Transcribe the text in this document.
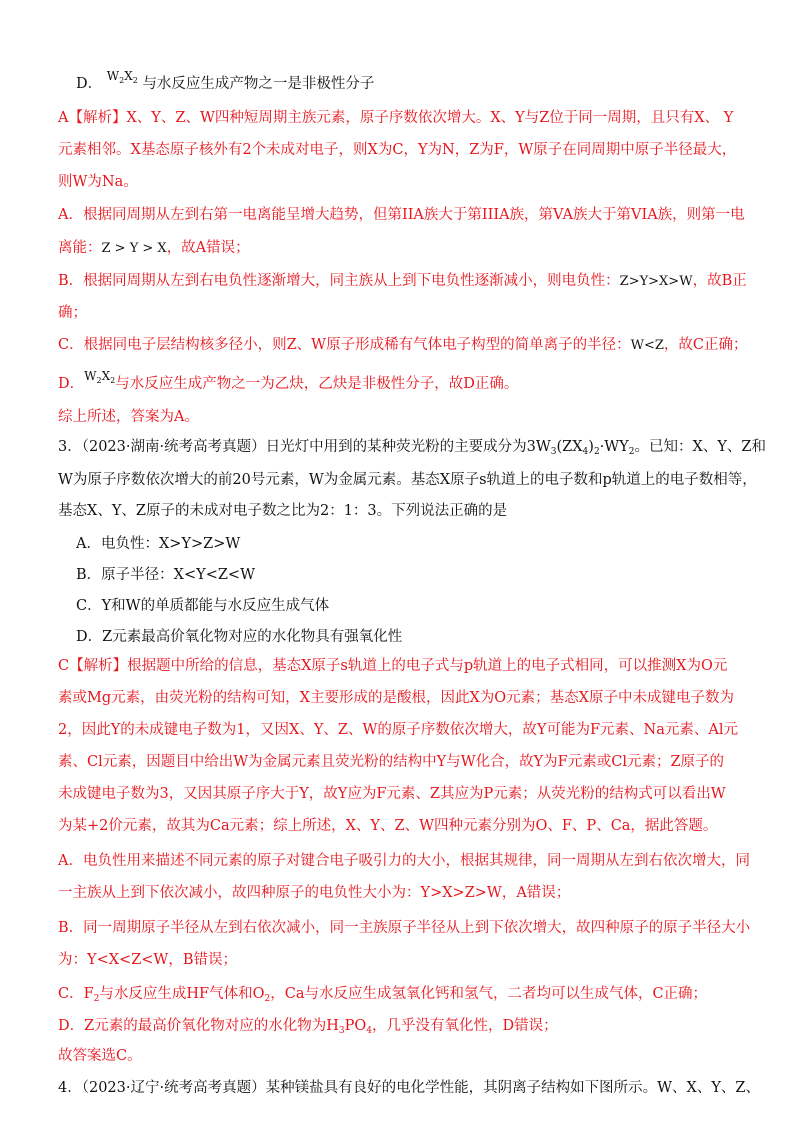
D． $W_2X_2$ 与水反应生成产物之一是非极性分子
A【解析】X、Y、Z、W四种短周期主族元素，原子序数依次增大。X、Y与Z位于同一周期，且只有X、 Y
元素相邻。X基态原子核外有2个未成对电子，则X为C，Y为N，Z为F，W原子在同周期中原子半径最大，
则W为Na。
A．根据同周期从左到右第一电离能呈增大趋势，但第IIA族大于第IIIA族，第VA族大于第VIA族，则第一电
离能：Z > Y > X，故A错误；
B．根据同周期从左到右电负性逐渐增大，同主族从上到下电负性逐渐减小，则电负性：Z>Y>X>W，故B正
确；
C．根据同电子层结构核多径小，则Z、W原子形成稀有气体电子构型的简单离子的半径：W<Z，故C正确；
D．$W_2X_2$与水反应生成产物之一为乙炔，乙炔是非极性分子，故D正确。
综上所述，答案为A。
3．（2023·湖南·统考高考真题）日光灯中用到的某种荧光粉的主要成分为$3W_3(ZX_4)_2\cdot WY_2$。已知：X、Y、Z和
W为原子序数依次增大的前20号元素，W为金属元素。基态X原子s轨道上的电子数和p轨道上的电子数相等，
基态X、Y、Z原子的未成对电子数之比为2：1：3。下列说法正确的是
A．电负性：X>Y>Z>W
B．原子半径：X<Y<Z<W
C．Y和W的单质都能与水反应生成气体
D．Z元素最高价氧化物对应的水化物具有强氧化性
C【解析】根据题中所给的信息，基态X原子s轨道上的电子式与p轨道上的电子式相同，可以推测X为O元
素或Mg元素，由荧光粉的结构可知，X主要形成的是酸根，因此X为O元素；基态X原子中未成键电子数为
2，因此Y的未成键电子数为1，又因X、Y、Z、W的原子序数依次增大，故Y可能为F元素、Na元素、Al元
素、Cl元素，因题目中给出W为金属元素且荧光粉的结构中Y与W化合，故Y为F元素或Cl元素；Z原子的
未成键电子数为3，又因其原子序大于Y，故Y应为F元素、Z其应为P元素；从荧光粉的结构式可以看出W
为某+2价元素，故其为Ca元素；综上所述，X、Y、Z、W四种元素分别为O、F、P、Ca，据此答题。
A．电负性用来描述不同元素的原子对键合电子吸引力的大小，根据其规律，同一周期从左到右依次增大，同
一主族从上到下依次减小，故四种原子的电负性大小为：Y>X>Z>W，A错误；
B．同一周期原子半径从左到右依次减小，同一主族原子半径从上到下依次增大，故四种原子的原子半径大小
为：Y<X<Z<W，B错误；
C．$F_2$与水反应生成HF气体和$O_2$，Ca与水反应生成氢氧化钙和氢气，二者均可以生成气体，C正确；
D．Z元素的最高价氧化物对应的水化物为$H_3PO_4$，几乎没有氧化性，D错误；
故答案选C。
4．（2023·辽宁·统考高考真题）某种镁盐具有良好的电化学性能，其阴离子结构如下图所示。W、X、Y、Z、
